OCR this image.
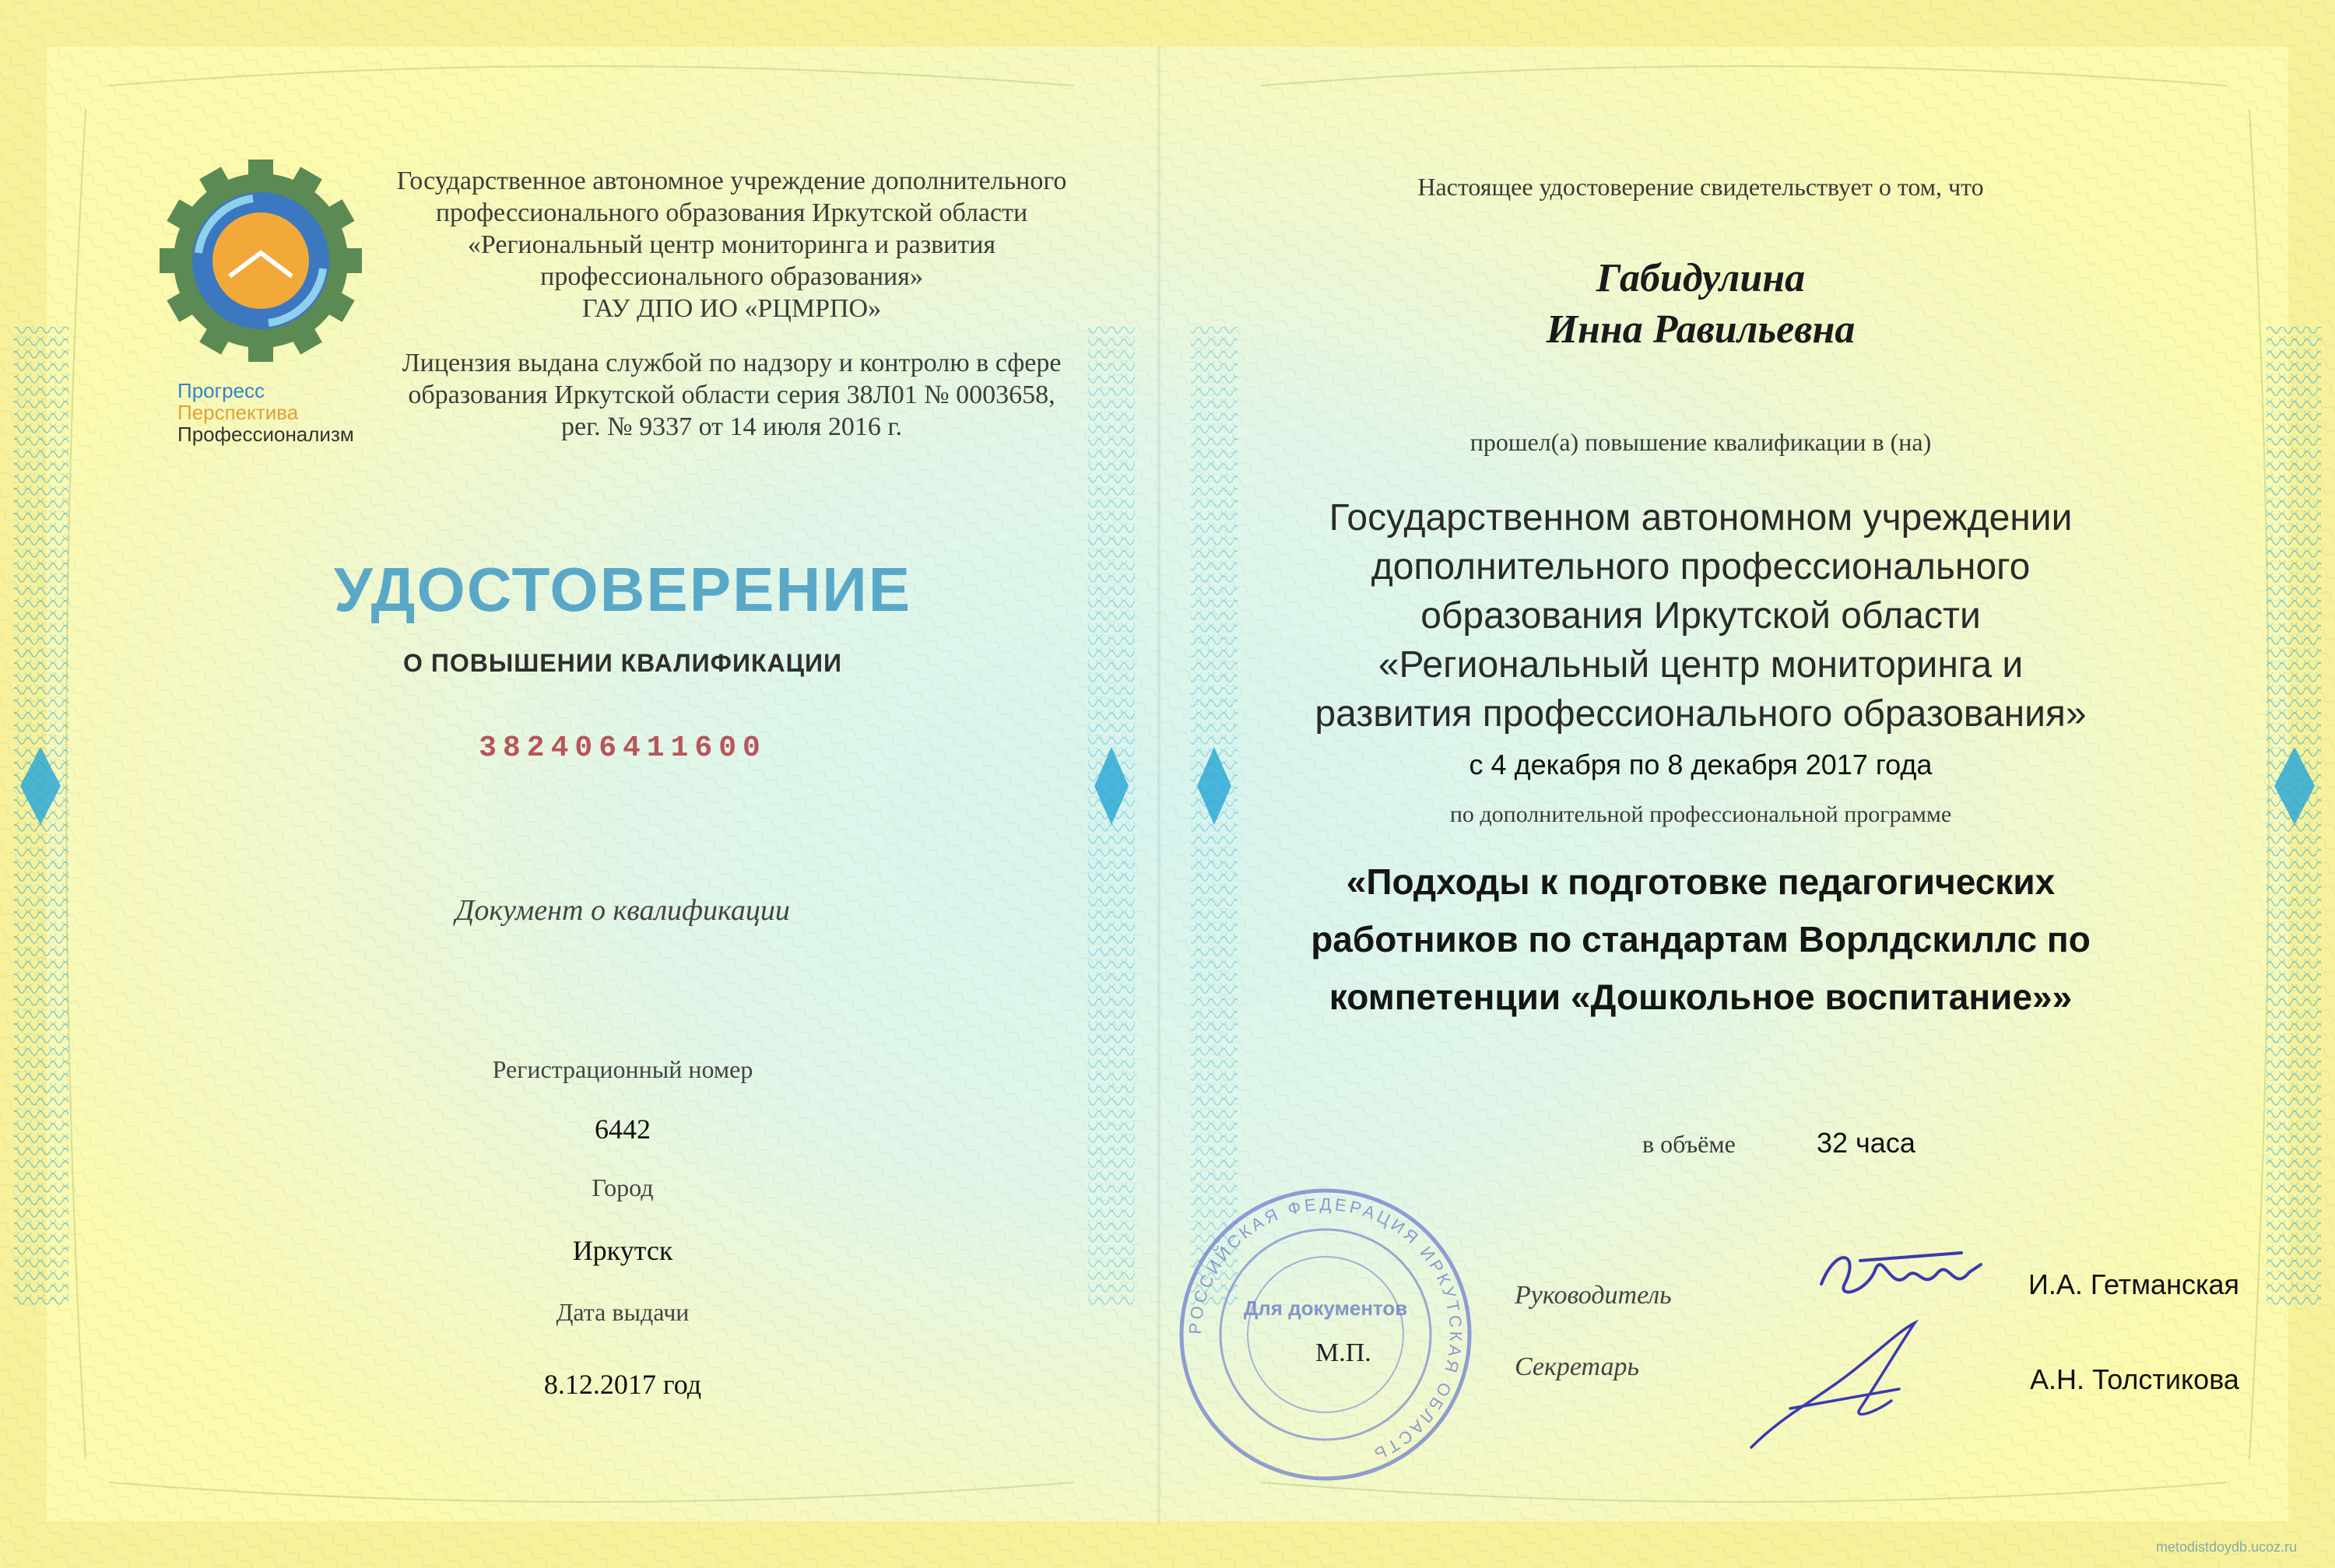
Прогресс
Перспектива
Профессионализм
Государственное автономное учреждение дополнительного
профессионального образования Иркутской области
«Региональный центр мониторинга и развития
профессионального образования»
ГАУ ДПО ИО «РЦМРПО»
Лицензия выдана службой по надзору и контролю в сфере
образования Иркутской области серия 38Л01 № 0003658,
рег. № 9337 от 14 июля 2016 г.
УДОСТОВЕРЕНИЕ
О ПОВЫШЕНИИ КВАЛИФИКАЦИИ
382406411600
Документ о квалификации
Регистрационный номер
6442
Город
Иркутск
Дата выдачи
8.12.2017 год
Настоящее удостоверение свидетельствует о том, что
Габидулина
Инна Равильевна
прошел(а) повышение квалификации в (на)
Государственном автономном учреждении
дополнительного профессионального
образования Иркутской области
«Региональный центр мониторинга и
развития профессионального образования»
с 4 декабря по 8 декабря 2017 года
по дополнительной профессиональной программе
«Подходы к подготовке педагогических
работников по стандартам Ворлдскиллс по
компетенции «Дошкольное воспитание»»
в объёме	32 часа
РОССИЙСКАЯ ФЕДЕРАЦИЯ ИРКУТСКАЯ ОБЛАСТЬ
Для документов
М.П.
Руководитель	И.А. Гетманская
Секретарь	А.Н. Толстикова
metodistdoydb.ucoz.ru
